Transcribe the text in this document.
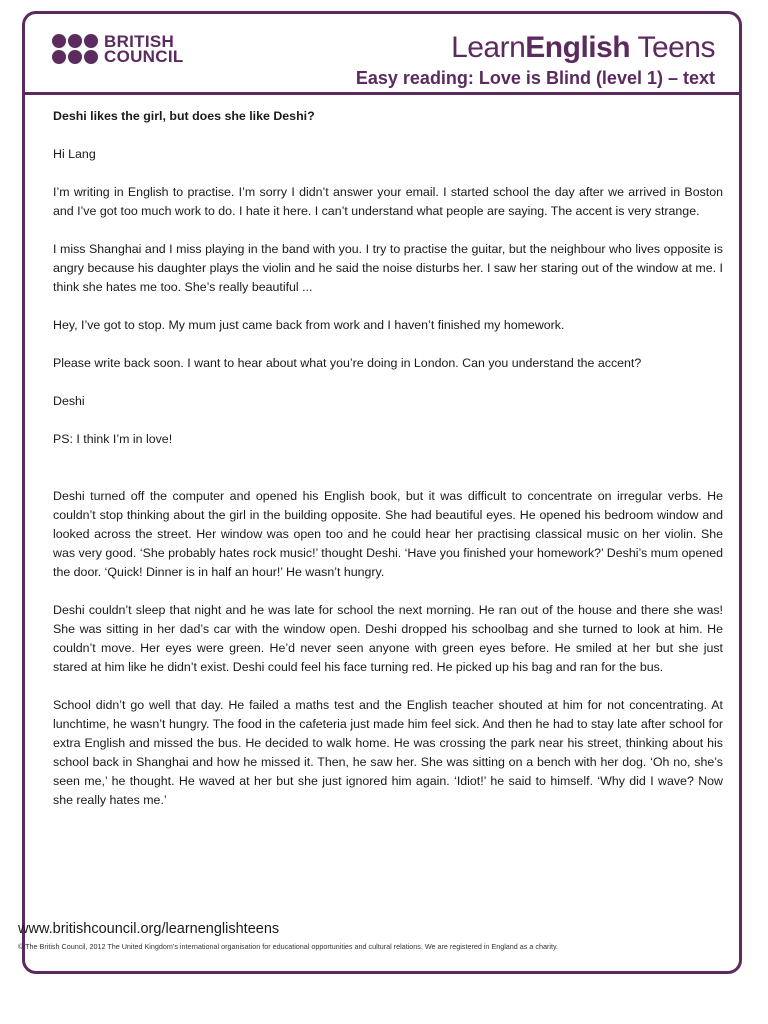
BRITISH
COUNCIL	LearnEnglish Teens
Easy reading: Love is Blind (level 1) – text

Deshi likes the girl, but does she like Deshi?

Hi Lang

I’m writing in English to practise. I’m sorry I didn’t answer your email. I started school the day after we arrived in Boston and I’ve got too much work to do. I hate it here. I can’t understand what people are saying. The accent is very strange.

I miss Shanghai and I miss playing in the band with you. I try to practise the guitar, but the neighbour who lives opposite is angry because his daughter plays the violin and he said the noise disturbs her. I saw her staring out of the window at me. I think she hates me too. She’s really beautiful ...

Hey, I’ve got to stop. My mum just came back from work and I haven’t finished my homework.

Please write back soon. I want to hear about what you’re doing in London. Can you understand the accent?

Deshi

PS: I think I’m in love!

Deshi turned off the computer and opened his English book, but it was difficult to concentrate on irregular verbs. He couldn’t stop thinking about the girl in the building opposite. She had beautiful eyes. He opened his bedroom window and looked across the street. Her window was open too and he could hear her practising classical music on her violin. She was very good. ‘She probably hates rock music!’ thought Deshi. ‘Have you finished your homework?’ Deshi’s mum opened the door. ‘Quick! Dinner is in half an hour!’ He wasn’t hungry.

Deshi couldn’t sleep that night and he was late for school the next morning. He ran out of the house and there she was! She was sitting in her dad’s car with the window open. Deshi dropped his schoolbag and she turned to look at him. He couldn’t move. Her eyes were green. He’d never seen anyone with green eyes before. He smiled at her but she just stared at him like he didn’t exist. Deshi could feel his face turning red. He picked up his bag and ran for the bus.

School didn’t go well that day. He failed a maths test and the English teacher shouted at him for not concentrating. At lunchtime, he wasn’t hungry. The food in the cafeteria just made him feel sick. And then he had to stay late after school for extra English and missed the bus. He decided to walk home. He was crossing the park near his street, thinking about his school back in Shanghai and how he missed it. Then, he saw her. She was sitting on a bench with her dog. ‘Oh no, she’s seen me,’ he thought. He waved at her but she just ignored him again. ‘Idiot!’ he said to himself. ‘Why did I wave? Now she really hates me.’

www.britishcouncil.org/learnenglishteens
© The British Council, 2012 The United Kingdom’s international organisation for educational opportunities and cultural relations. We are registered in England as a charity.
